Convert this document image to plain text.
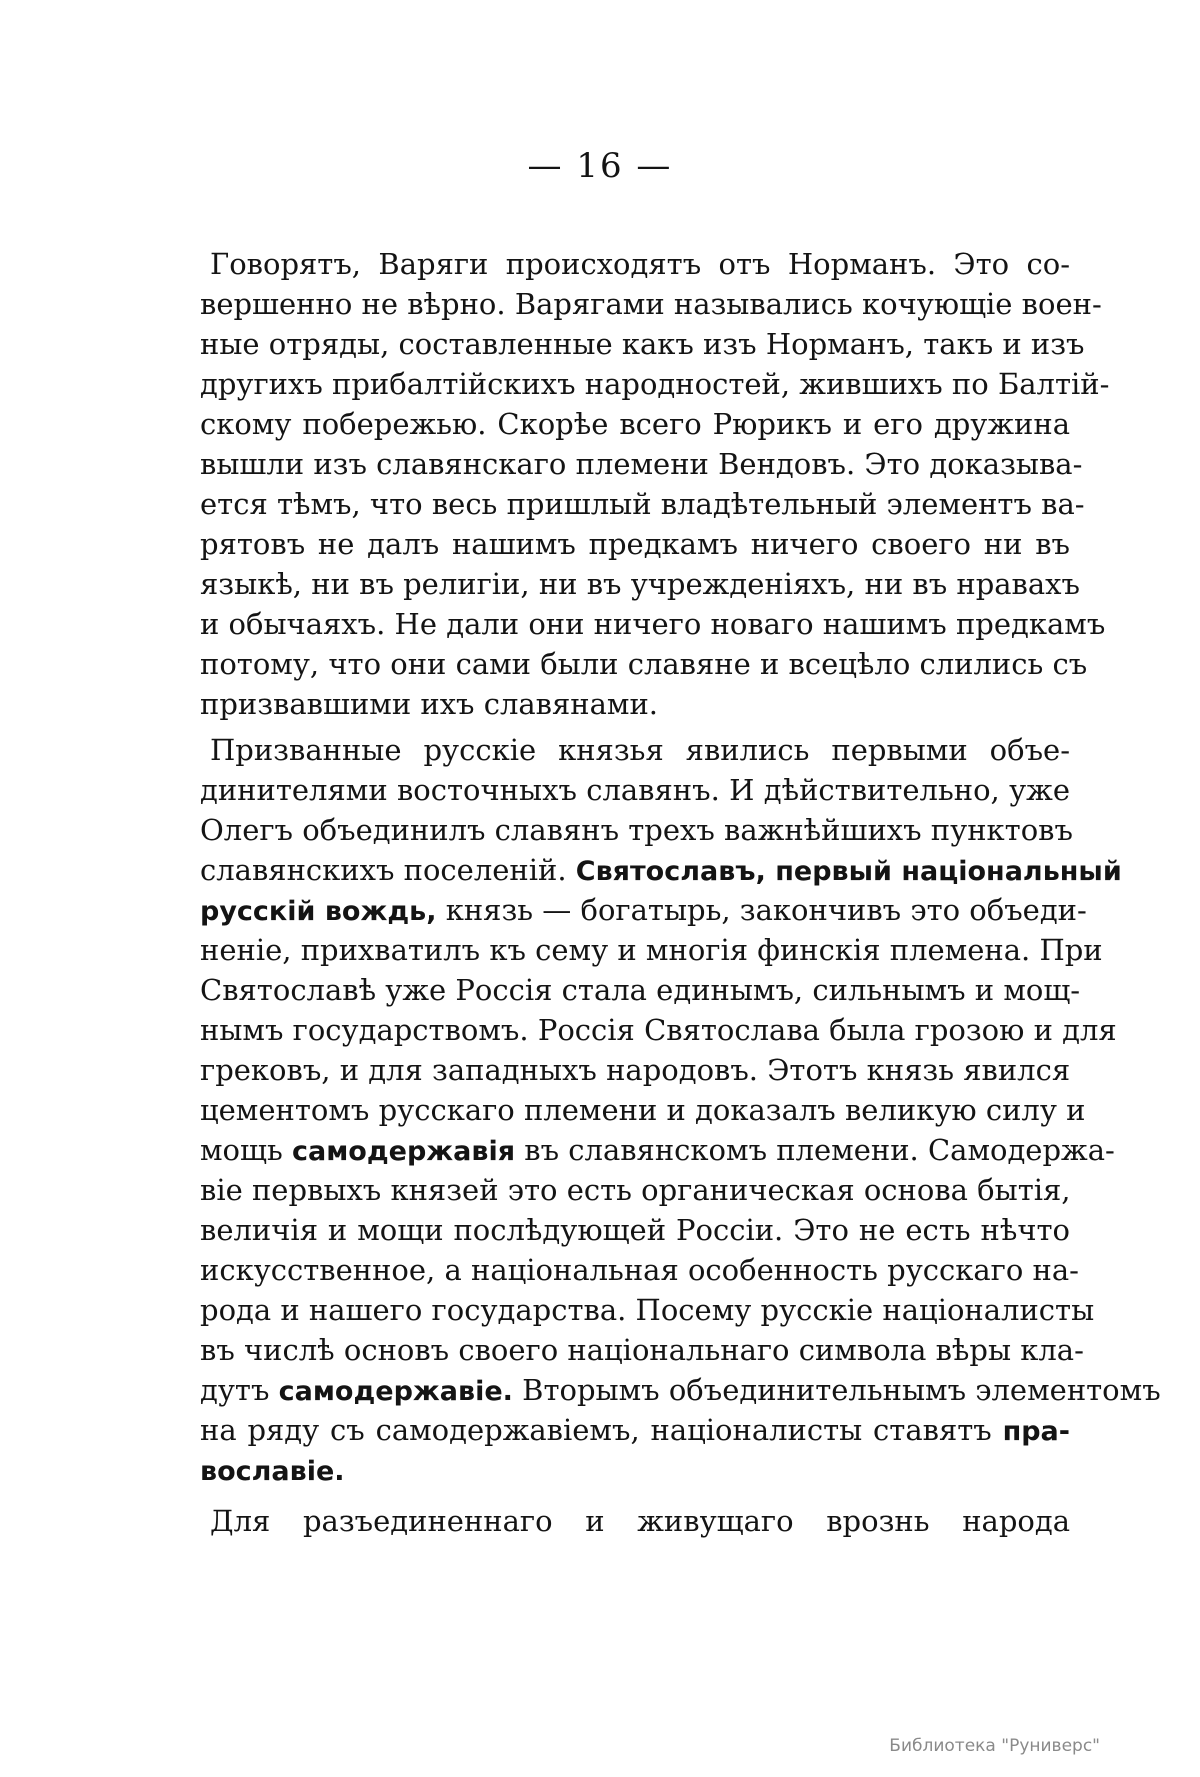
— 16 —
Говорятъ, Варяги происходятъ отъ Норманъ. Это со-
вершенно не вѣрно. Варягами назывались кочующіе воен-
ные отряды, составленные какъ изъ Норманъ, такъ и изъ
другихъ прибалтійскихъ народностей, жившихъ по Балтій-
скому побережью. Скорѣе всего Рюрикъ и его дружина
вышли изъ славянскаго племени Вендовъ. Это доказыва-
ется тѣмъ, что весь пришлый владѣтельный элементъ ва-
рятовъ не далъ нашимъ предкамъ ничего своего ни въ
языкѣ, ни въ религіи, ни въ учрежденіяхъ, ни въ нравахъ
и обычаяхъ. Не дали они ничего новаго нашимъ предкамъ
потому, что они сами были славяне и всецѣло слились съ
призвавшими ихъ славянами.
Призванные русскіе князья явились первыми объе-
динителями восточныхъ славянъ. И дѣйствительно, уже
Олегъ объединилъ славянъ трехъ важнѣйшихъ пунктовъ
славянскихъ поселеній. Святославъ, первый національный
русскій вождь, князь — богатырь, закончивъ это объеди-
неніе, прихватилъ къ сему и многія финскія племена. При
Святославѣ уже Россія стала единымъ, сильнымъ и мощ-
нымъ государствомъ. Россія Святослава была грозою и для
грековъ, и для западныхъ народовъ. Этотъ князь явился
цементомъ русскаго племени и доказалъ великую силу и
мощь самодержавія въ славянскомъ племени. Самодержа-
віе первыхъ князей это есть органическая основа бытія,
величія и мощи послѣдующей Россіи. Это не есть нѣчто
искусственное, а національная особенность русскаго на-
рода и нашего государства. Посему русскіе націоналисты
въ числѣ основъ своего національнаго символа вѣры кла-
дутъ самодержавіе. Вторымъ объединительнымъ элементомъ
на ряду съ самодержавіемъ, націоналисты ставятъ пра-
вославіе.
Для разъединеннаго и живущаго врознь народа
Библиотека "Руниверс"
